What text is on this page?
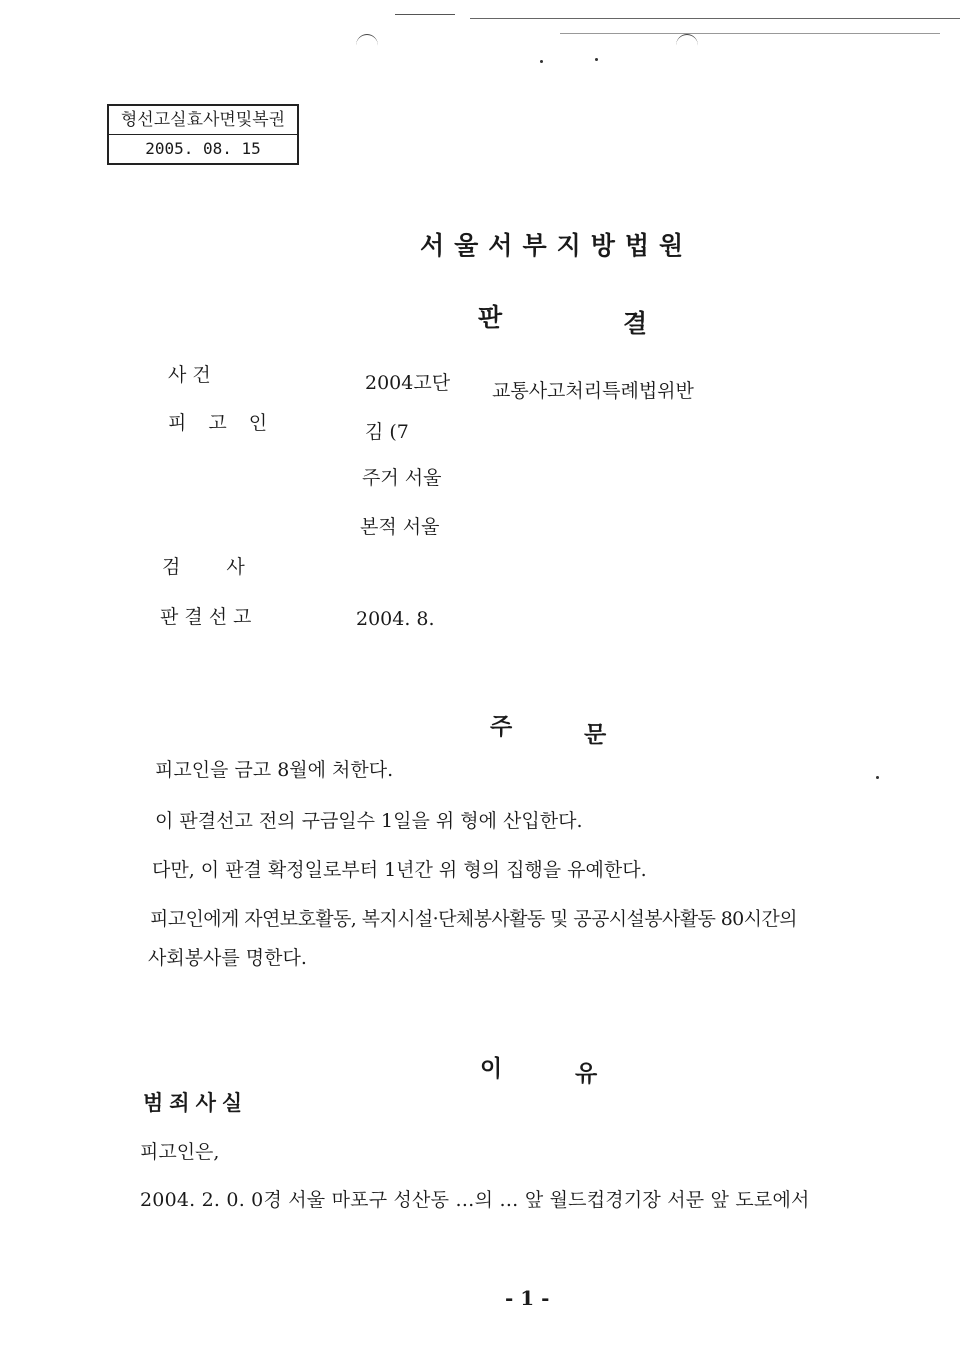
형선고실효사면및복권
2005. 08. 15
서울서부지방법원
판	결
사 건	2004고단 교통사고처리특례법위반
피 고 인	김 (7
주거 서울
본적 서울
검 사
판결선고	2004. 8.
주	문
피고인을 금고 8월에 처한다.
이 판결선고 전의 구금일수 1일을 위 형에 산입한다.
다만, 이 판결 확정일로부터 1년간 위 형의 집행을 유예한다.
피고인에게 자연보호활동, 복지시설·단체봉사활동 및 공공시설봉사활동 80시간의
사회봉사를 명한다.
이	유
범죄사실
피고인은,
2004. 2. 0. 0경 서울 마포구 성산동 …의 … 앞 월드컵경기장 서문 앞 도로에서
- 1 -
